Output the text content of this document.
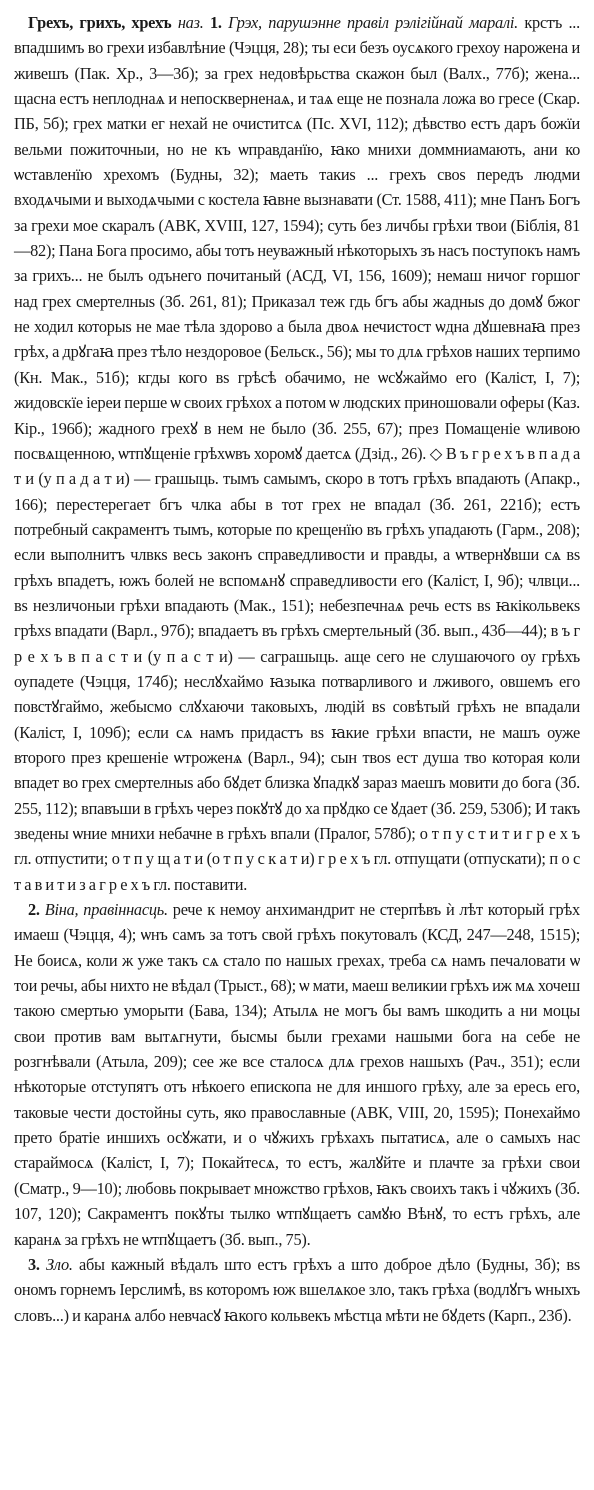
Грехъ, грихъ, хрехъ наз. 1. Грэх, парушэнне правіл рэлігійнай маралі. крстъ ... впадшимъ во грехи избавлѣние (Чэцця, 28); ты еси безъ оусѧкого грехоу нарожена и живешъ (Пак. Хр., 3—3б); за грех недовѣрьства скажон был (Валх., 77б); жена... щасна естъ неплоднаѧ и непоскверненаѧ, и таѧ еще не познала ложа во гресе (Скар. ПБ, 5б); грех матки ег нехай не очиститсѧ (Пс. XVI, 112); дѣвство естъ даръ божїи вельми пожиточныи, но не къ ѡправданїю, ꙗко мнихи доммниамають, ани ко ѡставленїю хрехомъ (Будны, 32); маеть такиѕ ... грехъ своѕ передъ людми входѧчыми и выходѧчыми с костела ꙗвне вызнавати (Ст. 1588, 411); мне Панъ Богъ за грехи мое скаралъ (АВК, XVIII, 127, 1594); суть без личбы грѣхи твои (Біблія, 81—82); Пана Бога просимо, абы тотъ неуважный нѣкоторыхъ зъ насъ поступокъ намъ за грихъ... не былъ одънего почитаный (АСД, VI, 156, 1609); немаш ничог горшог над грех смертелныѕ (Зб. 261, 81); Приказал теж гдь бгъ абы жадныѕ до домꙋ бжог не ходил которыѕ не мае тѣла здорово а была двоѧ нечистост ѡдна дꙋшевнаꙗ през грѣх, а дрꙋгаꙗ през тѣло нездоровое (Бельск., 56); мы то длѧ грѣхов наших терпимо (Кн. Мак., 51б); кгды кого вѕ грѣсѣ обачимо, не ѡсꙋжаймо его (Каліст, I, 7); жидовскїе іереи перше ѡ своих грѣхох а потом ѡ людских приношовали оферы (Каз. Кір., 196б); жадного грехꙋ в нем не было (Зб. 255, 67); през Помащеніе ѡливою посвѧщенною, ѡтпꙋщеніе грѣхѡвъ хоромꙋ даетсѧ (Дзід., 26). ◇ В ъ г р е х ъ в п а д а т и (у п а д а т и) — грашыць. тымъ самымъ, скоро в тотъ грѣхъ впадають (Апакр., 166); перестерегает бгъ члка абы в тот грех не впадал (Зб. 261, 221б); естъ потребный сакраментъ тымъ, которые по крещенїю въ грѣхъ упадають (Гарм., 208); если выполнитъ члвкѕ весь законъ справедливости и правды, а ѡтвернꙋвши сѧ вѕ грѣхъ впадетъ, южъ болей не вспомѧнꙋ справедливости его (Каліст, I, 9б); члвци... вѕ незличоныи грѣхи впадають (Мак., 151); небезпечнаѧ речь естѕ вѕ ꙗкікольвекѕ грѣхѕ впадати (Варл., 97б); впадаетъ въ грѣхъ смертельный (Зб. вып., 43б—44); в ъ г р е х ъ в п а с т и (у п а с т и) — саграшыць. аще сего не слушаючого оу грѣхъ оупадете (Чэцця, 174б); неслꙋхаймо ꙗзыка потварливого и лживого, овшемъ его повстꙋгаймо, жебысмо слꙋхаючи таковыхъ, людій вѕ совѣтый грѣхъ не впадали (Каліст, I, 109б); если сѧ намъ придастъ вѕ ꙗкие грѣхи впасти, не машъ оуже второго през крешеніе ѡтроженѧ (Варл., 94); сын твоѕ ест душа тво которая коли впадет во грех смертелныѕ або бꙋдет близка ꙋпадкꙋ зараз маешъ мовити до бога (Зб. 255, 112); впавъши в грѣхъ через покꙋтꙋ до ха прꙋдко се ꙋдает (Зб. 259, 530б); И такъ зведены ѡние мнихи небачне в грѣхъ впали (Пралог, 578б); о т п у с т и т и г р е х ъ гл. отпустити; о т п у щ а т и (о т п у с к а т и) г р е х ъ гл. отпущати (отпускати); п о с т а в и т и з а г р е х ъ гл. поставити.

2. Віна, правіннасць. рече к немоу анхимандрит не стерпѣвъ ѝ лѣт который грѣх имаеш (Чэцця, 4); ѡнъ самъ за тотъ свой грѣхъ покутовалъ (КСД, 247—248, 1515); Не боисѧ, коли ж уже такъ сѧ стало по нашых грехах, треба сѧ намъ печаловати ѡ тои речы, абы нихто не вѣдал (Трыст., 68); ѡ мати, маеш великии грѣхъ иж мѧ хочеш такою смертью уморыти (Бава, 134); Атылѧ не могъ бы вамъ шкодить а ни моцы свои против вам вытѧгнути, бысмы были грехами нашыми бога на себе не розгнѣвали (Атыла, 209); сее же все сталосѧ длѧ грехов нашыхъ (Рач., 351); если нѣкоторые отступятъ отъ нѣкоего епископа не для иншого грѣху, але за ересь его, таковые чести достойны суть, яко православные (АВК, VIII, 20, 1595); Понехаймо прето братіе иншихъ осꙋжати, и о чꙋжихъ грѣхахъ пытатисѧ, але о самыхъ нас стараймосѧ (Каліст, I, 7); Покайтесѧ, то естъ, жалꙋйте и плачте за грѣхи свои (Сматр., 9—10); любовь покрывает множство грѣхов, ꙗкъ своихъ такъ і чꙋжихъ (Зб. 107, 120); Сакраментъ покꙋты тылко ѡтпꙋщаетъ самꙋю Вѣнꙋ, то естъ грѣхъ, але каранѧ за грѣхъ не ѡтпꙋщаетъ (Зб. вып., 75).

3. Зло. абы кажный вѣдалъ што естъ грѣхъ а што доброе дѣло (Будны, 3б); вѕ ономъ горнемъ Іерслимѣ, вѕ которомъ юж вшелѧкое зло, такъ грѣха (водлꙋгъ ѡныхъ словъ...) и каранѧ албо невчасꙋ ꙗкого кольвекъ мѣстца мѣти не бꙋдетѕ (Карп., 23б).
